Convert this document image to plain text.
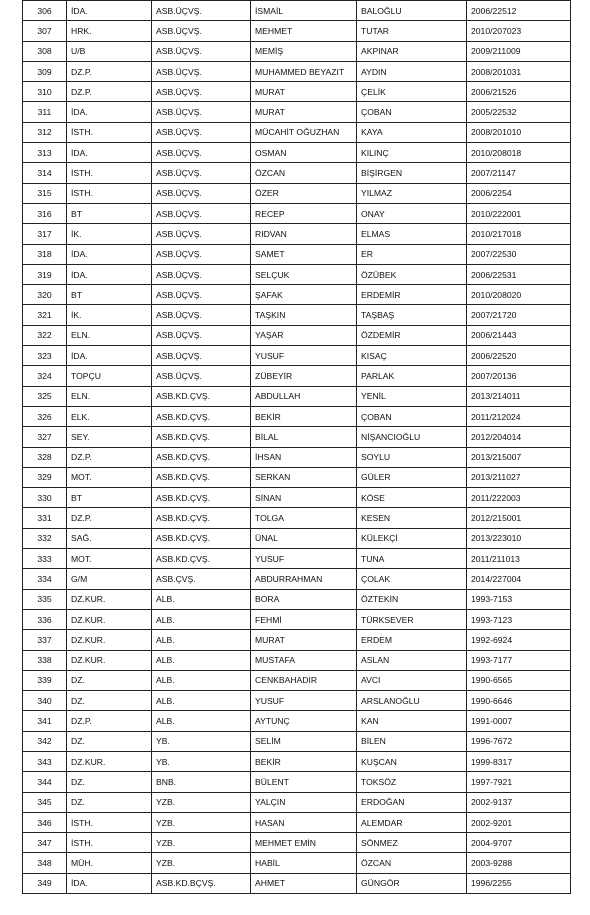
306	İDA.	ASB.ÜÇVŞ.	İSMAİL	BALOĞLU	2006/22512
307	HRK.	ASB.ÜÇVŞ.	MEHMET	TUTAR	2010/207023
308	U/B	ASB.ÜÇVŞ.	MEMİŞ	AKPINAR	2009/211009
309	DZ.P.	ASB.ÜÇVŞ.	MUHAMMED BEYAZIT	AYDIN	2008/201031
310	DZ.P.	ASB.ÜÇVŞ.	MURAT	ÇELİK	2006/21526
311	İDA.	ASB.ÜÇVŞ.	MURAT	ÇOBAN	2005/22532
312	İSTH.	ASB.ÜÇVŞ.	MÜCAHİT OĞUZHAN	KAYA	2008/201010
313	İDA.	ASB.ÜÇVŞ.	OSMAN	KILINÇ	2010/208018
314	İSTH.	ASB.ÜÇVŞ.	ÖZCAN	BİŞİRGEN	2007/21147
315	İSTH.	ASB.ÜÇVŞ.	ÖZER	YILMAZ	2006/2254
316	BT	ASB.ÜÇVŞ.	RECEP	ONAY	2010/222001
317	İK.	ASB.ÜÇVŞ.	RIDVAN	ELMAS	2010/217018
318	İDA.	ASB.ÜÇVŞ.	SAMET	ER	2007/22530
319	İDA.	ASB.ÜÇVŞ.	SELÇUK	ÖZÜBEK	2006/22531
320	BT	ASB.ÜÇVŞ.	ŞAFAK	ERDEMİR	2010/208020
321	İK.	ASB.ÜÇVŞ.	TAŞKIN	TAŞBAŞ	2007/21720
322	ELN.	ASB.ÜÇVŞ.	YAŞAR	ÖZDEMİR	2006/21443
323	İDA.	ASB.ÜÇVŞ.	YUSUF	KISAÇ	2006/22520
324	TOPÇU	ASB.ÜÇVŞ.	ZÜBEYİR	PARLAK	2007/20136
325	ELN.	ASB.KD.ÇVŞ.	ABDULLAH	YENİL	2013/214011
326	ELK.	ASB.KD.ÇVŞ.	BEKİR	ÇOBAN	2011/212024
327	SEY.	ASB.KD.ÇVŞ.	BİLAL	NİŞANCIOĞLU	2012/204014
328	DZ.P.	ASB.KD.ÇVŞ.	İHSAN	SOYLU	2013/215007
329	MOT.	ASB.KD.ÇVŞ.	SERKAN	GÜLER	2013/211027
330	BT	ASB.KD.ÇVŞ.	SİNAN	KÖSE	2011/222003
331	DZ.P.	ASB.KD.ÇVŞ.	TOLGA	KESEN	2012/215001
332	SAĞ.	ASB.KD.ÇVŞ.	ÜNAL	KÜLEKÇİ	2013/223010
333	MOT.	ASB.KD.ÇVŞ.	YUSUF	TUNA	2011/211013
334	G/M	ASB.ÇVŞ.	ABDURRAHMAN	ÇOLAK	2014/227004
335	DZ.KUR.	ALB.	BORA	ÖZTEKİN	1993-7153
336	DZ.KUR.	ALB.	FEHMİ	TÜRKSEVER	1993-7123
337	DZ.KUR.	ALB.	MURAT	ERDEM	1992-6924
338	DZ.KUR.	ALB.	MUSTAFA	ASLAN	1993-7177
339	DZ.	ALB.	CENKBAHADIR	AVCI	1990-6565
340	DZ.	ALB.	YUSUF	ARSLANOĞLU	1990-6646
341	DZ.P.	ALB.	AYTUNÇ	KAN	1991-0007
342	DZ.	YB.	SELİM	BİLEN	1996-7672
343	DZ.KUR.	YB.	BEKİR	KUŞCAN	1999-8317
344	DZ.	BNB.	BÜLENT	TOKSÖZ	1997-7921
345	DZ.	YZB.	YALÇIN	ERDOĞAN	2002-9137
346	İSTH.	YZB.	HASAN	ALEMDAR	2002-9201
347	İSTH.	YZB.	MEHMET EMİN	SÖNMEZ	2004-9707
348	MÜH.	YZB.	HABİL	ÖZCAN	2003-9288
349	İDA.	ASB.KD.BÇVŞ.	AHMET	GÜNGÖR	1996/2255
